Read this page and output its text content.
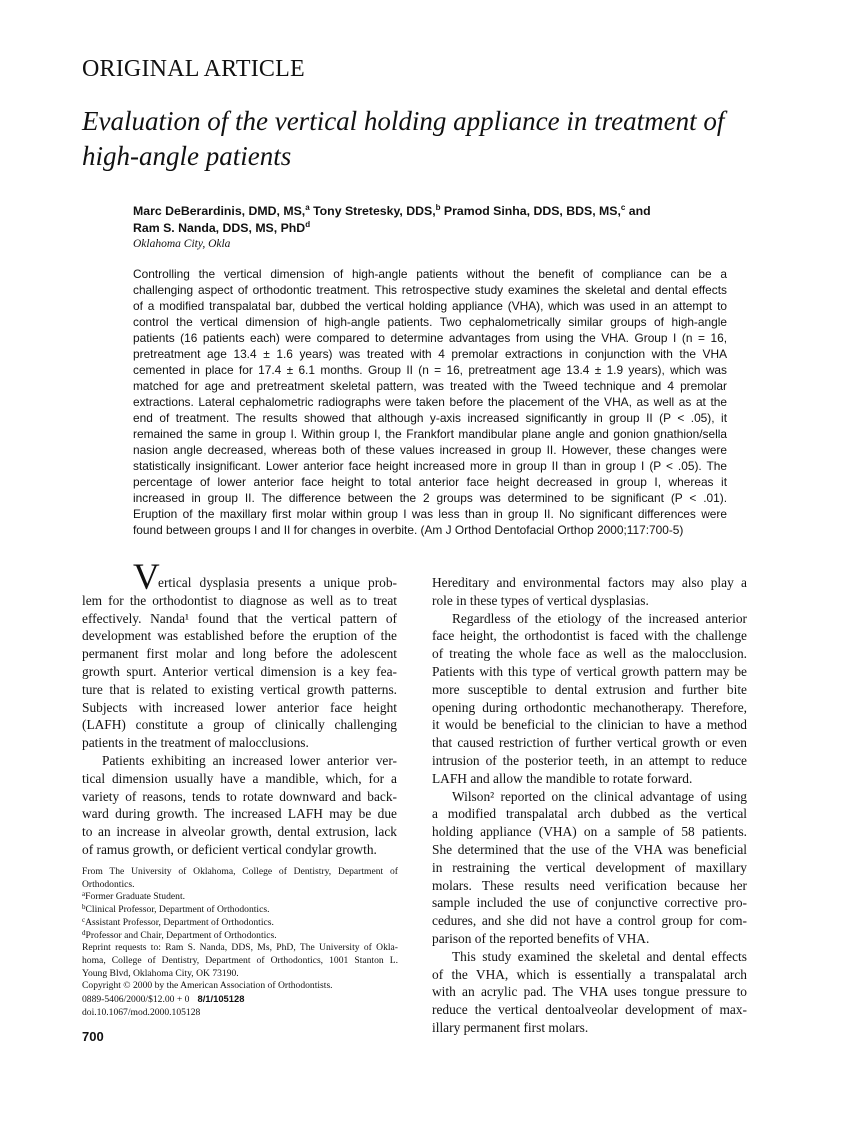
ORIGINAL ARTICLE
Evaluation of the vertical holding appliance in treatment of
high-angle patients
Marc DeBerardinis, DMD, MS,$^a$ Tony Stretesky, DDS,$^b$ Pramod Sinha, DDS, BDS, MS,$^c$ and
Ram S. Nanda, DDS, MS, PhD$^d$
Oklahoma City, Okla
Controlling the vertical dimension of high-angle patients without the benefit of compliance can be a
challenging aspect of orthodontic treatment. This retrospective study examines the skeletal and dental effects
of a modified transpalatal bar, dubbed the vertical holding appliance (VHA), which was used in an attempt to
control the vertical dimension of high-angle patients. Two cephalometrically similar groups of high-angle
patients (16 patients each) were compared to determine advantages from using the VHA. Group I (n = 16,
pretreatment age 13.4 ± 1.6 years) was treated with 4 premolar extractions in conjunction with the VHA
cemented in place for 17.4 ± 6.1 months. Group II (n = 16, pretreatment age 13.4 ± 1.9 years), which was
matched for age and pretreatment skeletal pattern, was treated with the Tweed technique and 4 premolar
extractions. Lateral cephalometric radiographs were taken before the placement of the VHA, as well as at the
end of treatment. The results showed that although y-axis increased significantly in group II (P < .05), it
remained the same in group I. Within group I, the Frankfort mandibular plane angle and gonion gnathion/sella
nasion angle decreased, whereas both of these values increased in group II. However, these changes were
statistically insignificant. Lower anterior face height increased more in group II than in group I (P < .05). The
percentage of lower anterior face height to total anterior face height decreased in group I, whereas it
increased in group II. The difference between the 2 groups was determined to be significant (P < .01).
Eruption of the maxillary first molar within group I was less than in group II. No significant differences were
found between groups I and II for changes in overbite. (Am J Orthod Dentofacial Orthop 2000;117:700-5)
V
ertical dysplasia presents a unique prob-
lem for the orthodontist to diagnose as well as to treat
effectively. Nanda¹ found that the vertical pattern of
development was established before the eruption of the
permanent first molar and long before the adolescent
growth spurt. Anterior vertical dimension is a key fea-
ture that is related to existing vertical growth patterns.
Subjects with increased lower anterior face height
(LAFH) constitute a group of clinically challenging
patients in the treatment of malocclusions.
Patients exhibiting an increased lower anterior ver-
tical dimension usually have a mandible, which, for a
variety of reasons, tends to rotate downward and back-
ward during growth. The increased LAFH may be due
to an increase in alveolar growth, dental extrusion, lack
of ramus growth, or deficient vertical condylar growth.
Hereditary and environmental factors may also play a
role in these types of vertical dysplasias.
Regardless of the etiology of the increased anterior
face height, the orthodontist is faced with the challenge
of treating the whole face as well as the malocclusion.
Patients with this type of vertical growth pattern may be
more susceptible to dental extrusion and further bite
opening during orthodontic mechanotherapy. Therefore,
it would be beneficial to the clinician to have a method
that caused restriction of further vertical growth or even
intrusion of the posterior teeth, in an attempt to reduce
LAFH and allow the mandible to rotate forward.
Wilson² reported on the clinical advantage of using
a modified transpalatal arch dubbed as the vertical
holding appliance (VHA) on a sample of 58 patients.
She determined that the use of the VHA was beneficial
in restraining the vertical development of maxillary
molars. These results need verification because her
sample included the use of conjunctive corrective pro-
cedures, and she did not have a control group for com-
parison of the reported benefits of VHA.
This study examined the skeletal and dental effects
of the VHA, which is essentially a transpalatal arch
with an acrylic pad. The VHA uses tongue pressure to
reduce the vertical dentoalveolar development of max-
illary permanent first molars.
From The University of Oklahoma, College of Dentistry, Department of
Orthodontics.
$^a$Former Graduate Student.
$^b$Clinical Professor, Department of Orthodontics.
$^c$Assistant Professor, Department of Orthodontics.
$^d$Professor and Chair, Department of Orthodontics.
Reprint requests to: Ram S. Nanda, DDS, Ms, PhD, The University of Okla-
homa, College of Dentistry, Department of Orthodontics, 1001 Stanton L.
Young Blvd, Oklahoma City, OK 73190.
Copyright © 2000 by the American Association of Orthodontists.
0889-5406/2000/$12.00 + 0 8/1/105128
doi.10.1067/mod.2000.105128
700
